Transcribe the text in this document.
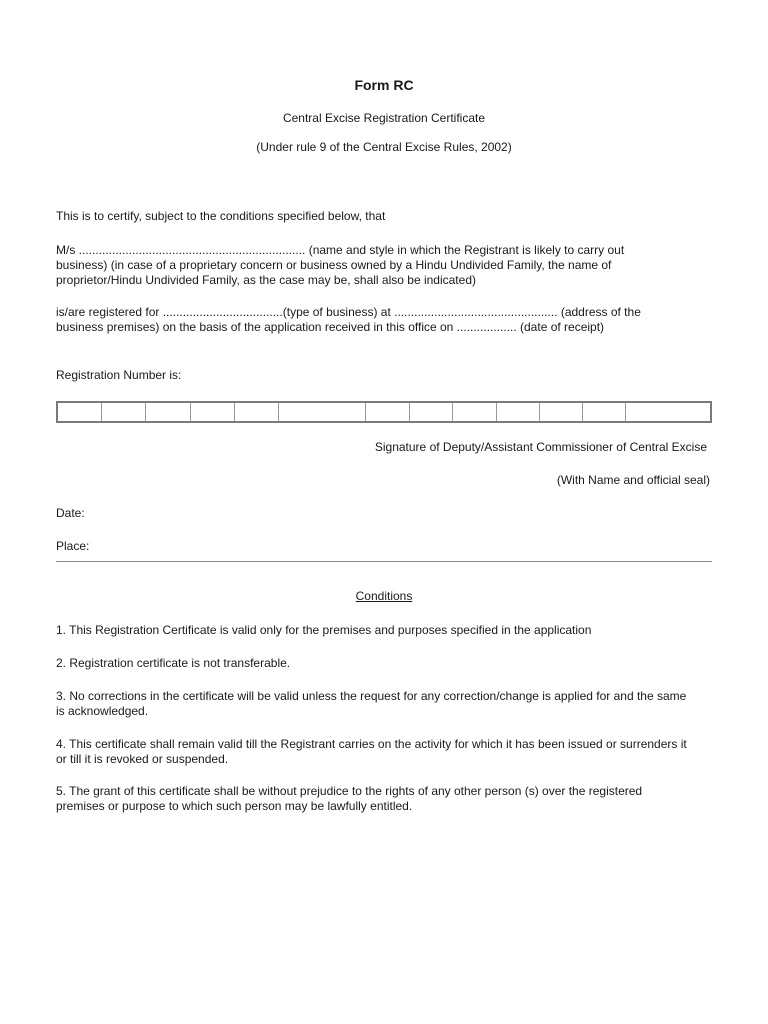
Form RC
Central Excise Registration Certificate
(Under rule 9 of the Central Excise Rules, 2002)
This is to certify, subject to the conditions specified below, that
M/s .................................................................... (name and style in which the Registrant is likely to carry out
business) (in case of a proprietary concern or business owned by a Hindu Undivided Family, the name of
proprietor/Hindu Undivided Family, as the case may be, shall also be indicated)
is/are registered for ....................................(type of business) at ................................................. (address of the
business premises) on the basis of the application received in this office on .................. (date of receipt)
Registration Number is:
Signature of Deputy/Assistant Commissioner of Central Excise
(With Name and official seal)
Date:
Place:
Conditions
1. This Registration Certificate is valid only for the premises and purposes specified in the application
2. Registration certificate is not transferable.
3. No corrections in the certificate will be valid unless the request for any correction/change is applied for and the same
is acknowledged.
4. This certificate shall remain valid till the Registrant carries on the activity for which it has been issued or surrenders it
or till it is revoked or suspended.
5. The grant of this certificate shall be without prejudice to the rights of any other person (s) over the registered
premises or purpose to which such person may be lawfully entitled.
